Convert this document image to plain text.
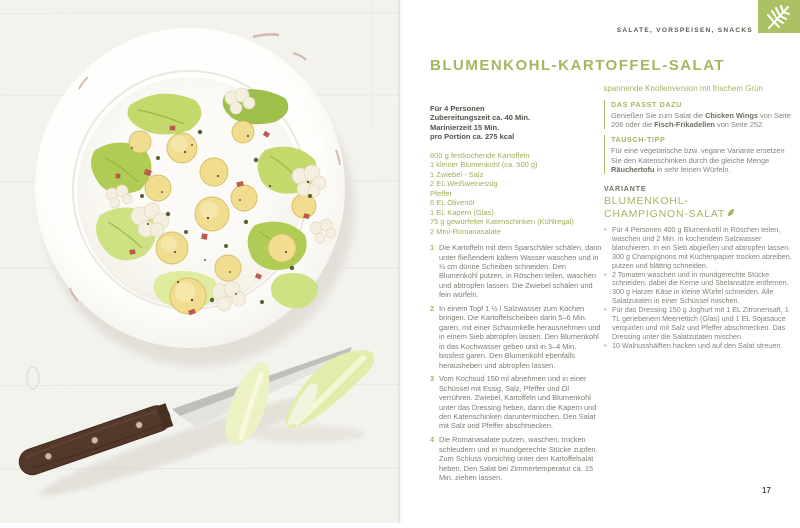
SALATE, VORSPEISEN, SNACKS
BLUMENKOHL-KARTOFFEL-SALAT
spannende Knollenversion mit frischem Grün
Für 4 Personen
Zubereitungszeit ca. 40 Min.
Marinierzeit 15 Min.
pro Portion ca. 275 kcal
600 g festkochende Kartoffeln
1 kleiner Blumenkohl (ca. 500 g)
1 Zwiebel - Salz
2 EL Weißweinessig
Pfeffer
6 EL Olivenöl
1 EL Kapern (Glas)
75 g gewürfelter Katenschinken (Kühlregal)
2 Mini-Romanasalate
1 Die Kartoffeln mit dem Sparschäler schälen, dann unter fließendem kaltem Wasser waschen und in ½ cm dünne Scheiben schneiden. Den Blumenkohl putzen, in Röschen teilen, waschen und abtropfen lassen. Die Zwiebel schälen und fein würfeln.
2 In einem Topf 1 ½ l Salzwasser zum Kochen bringen. Die Kartoffelscheiben darin 5–6 Min. garen, mit einer Schaumkelle herausnehmen und in einem Sieb abtropfen lassen. Den Blumenkohl in das Kochwasser geben und in 3–4 Min. bissfest garen. Den Blumenkohl ebenfalls herausheben und abtropfen lassen.
3 Vom Kochsud 150 ml abnehmen und in einer Schüssel mit Essig, Salz, Pfeffer und Öl verrühren. Zwiebel, Kartoffeln und Blumenkohl unter das Dressing heben, dann die Kapern und den Katenschinken daruntermischen. Den Salat mit Salz und Pfeffer abschmecken.
4 Die Romanasalate putzen, waschen, trocken schleudern und in mundgerechte Stücke zupfen. Zum Schluss vorsichtig unter den Kartoffelsalat heben. Den Salat bei Zimmertemperatur ca. 15 Min. ziehen lassen.
DAS PASST DAZU
Genießen Sie zum Salat die Chicken Wings von Seite 206 oder die Fisch-Frikadellen von Seite 252.
TAUSCH-TIPP
Für eine vegetarische bzw. vegane Variante ersetzen Sie den Katenschinken durch die gleiche Menge Räuchertofu in sehr feinen Würfeln.
VARIANTE
BLUMENKOHL-
CHAMPIGNON-SALAT
•
Für 4 Personen 400 g Blumenkohl in Röschen teilen, waschen und 2 Min. in kochendem Salzwasser blanchieren. In ein Sieb abgießen und abtropfen lassen. 300 g Champignons mit Küchenpapier trocken abreiben, putzen und blättrig schneiden.
•
2 Tomaten waschen und in mundgerechte Stücke schneiden, dabei die Kerne und Stielansätze entfernen. 300 g Harzer Käse in kleine Würfel schneiden. Alle Salatzutaten in einer Schüssel mischen.
•
Für das Dressing 150 g Joghurt mit 1 EL Zitronensaft, 1 TL geriebenem Meerrettich (Glas) und 1 EL Sojasauce verquirlen und mit Salz und Pfeffer abschmecken. Das Dressing unter die Salatzutaten mischen.
•
10 Walnusshälften hacken und auf den Salat streuen.
17
